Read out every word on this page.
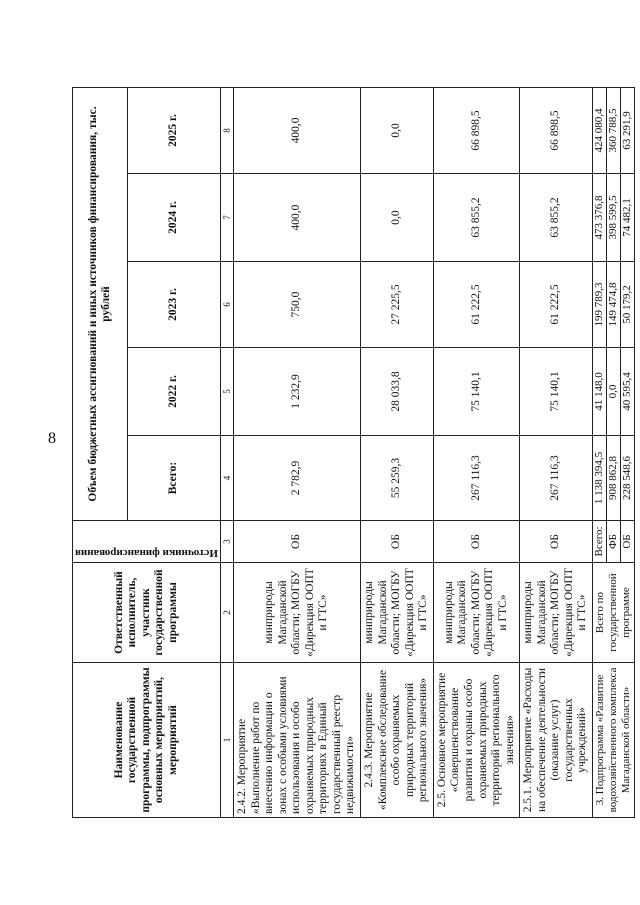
8
Наименование государственной программы, подпрограммы основных мероприятий, мероприятий	Ответственный исполнитель, участник государственной программы	Источники финансирования	Объем бюджетных ассигнований и иных источников финансирования, тыс. рублей				
			Всего:	2022 г.	2023 г.	2024 г.	2025 г.
1	2	3	4	5	6	7	8
2.4.2. Мероприятие «Выполнение работ по внесению информации о зонах с особыми условиями использования и особо охраняемых природных территориях в Единый государственный реестр недвижимости»	минприроды Магаданской области; МОГБУ «Дирекция ООПТ и ГТС»	ОБ	2 782,9	1 232,9	750,0	400,0	400,0
2.4.3. Мероприятие «Комплексное обследование особо охраняемых природных территорий регионального значения»	минприроды Магаданской области; МОГБУ «Дирекция ООПТ и ГТС»	ОБ	55 259,3	28 033,8	27 225,5	0,0	0,0
2.5. Основное мероприятие «Совершенствование развития и охраны особо охраняемых природных территорий регионального значения»	минприроды Магаданской области; МОГБУ «Дирекция ООПТ и ГТС»	ОБ	267 116,3	75 140,1	61 222,5	63 855,2	66 898,5
2.5.1. Мероприятие «Расходы на обеспечение деятельности (оказание услуг) государственных учреждений»	минприроды Магаданской области; МОГБУ «Дирекция ООПТ и ГТС»	ОБ	267 116,3	75 140,1	61 222,5	63 855,2	66 898,5
3. Подпрограмма «Развитие водохозяйственного комплекса Магаданской области»	Всего по государственной программе	Всего:	1 138 394,5	41 148,0	199 789,3	473 376,8	424 080,4
		ФБ	908 862,8	0,0	149 474,8	398 599,5	360 788,5
		ОБ	228 548,6	40 595,4	50 179,2	74 482,1	63 291,9
